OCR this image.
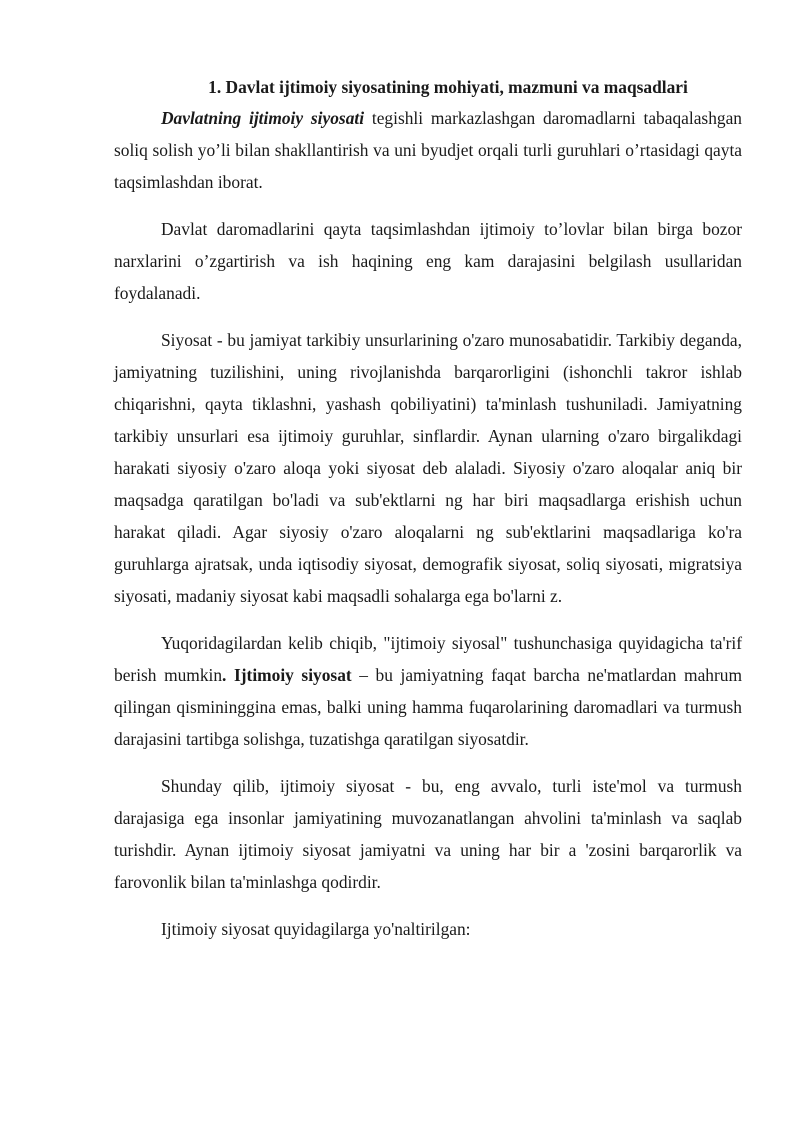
1. Davlat ijtimoiy siyosatining mohiyati, mazmuni va maqsadlari

Davlatning ijtimoiy siyosati tegishli markazlashgan daromadlarni tabaqalashgan soliq solish yo’li bilan shakllantirish va uni byudjet orqali turli guruhlari o’rtasidagi qayta taqsimlashdan iborat.

Davlat daromadlarini qayta taqsimlashdan ijtimoiy to’lovlar bilan birga bozor narxlarini o’zgartirish va ish haqining eng kam darajasini belgilash usullaridan foydalanadi.

Siyosat - bu jamiyat tarkibiy unsurlarining o'zaro munosabatidir. Tarkibiy deganda, jamiyatning tuzilishini, uning rivojlanishda barqarorligini (ishonchli takror ishlab chiqarishni, qayta tiklashni, yashash qobiliyatini) ta'minlash tushuniladi. Jamiyatning tarkibiy unsurlari esa ijtimoiy guruhlar, sinflardir. Aynan ularning o'zaro birgalikdagi harakati siyosiy o'zaro aloqa yoki siyosat deb alaladi. Siyosiy o'zaro aloqalar aniq bir maqsadga qaratilgan bo'ladi va sub'ektlarni ng har biri maqsadlarga erishish uchun harakat qiladi. Agar siyosiy o'zaro aloqalarni ng sub'ektlarini maqsadlariga ko'ra guruhlarga ajratsak, unda iqtisodiy siyosat, demografik siyosat, soliq siyosati, migratsiya siyosati, madaniy siyosat kabi maqsadli sohalarga ega bo'larni z.

Yuqoridagilardan kelib chiqib, "ijtimoiy siyosal" tushunchasiga quyidagicha ta'rif berish mumkin. Ijtimoiy siyosat – bu jamiyatning faqat barcha ne'matlardan mahrum qilingan qismininggina emas, balki uning hamma fuqarolarining daromadlari va turmush darajasini tartibga solishga, tuzatishga qaratilgan siyosatdir.

Shunday qilib, ijtimoiy siyosat - bu, eng avvalo, turli iste'mol va turmush darajasiga ega insonlar jamiyatining muvozanatlangan ahvolini ta'minlash va saqlab turishdir. Aynan ijtimoiy siyosat jamiyatni va uning har bir a 'zosini barqarorlik va farovonlik bilan ta'minlashga qodirdir.

Ijtimoiy siyosat quyidagilarga yo'naltirilgan:
